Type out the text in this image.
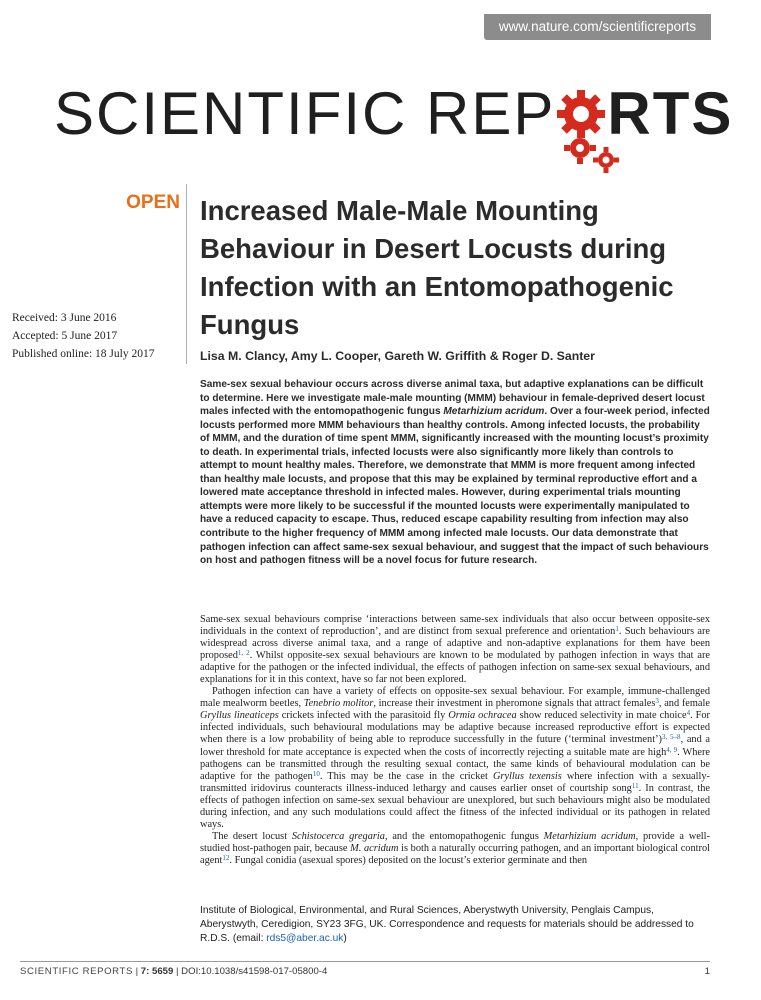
www.nature.com/scientificreports
SCIENTIFIC REP RTS
OPEN Increased Male-Male Mounting Behaviour in Desert Locusts during Infection with an Entomopathogenic Fungus
Received: 3 June 2016
Accepted: 5 June 2017
Published online: 18 July 2017	Lisa M. Clancy, Amy L. Cooper, Gareth W. Griffith & Roger D. Santer
Same-sex sexual behaviour occurs across diverse animal taxa, but adaptive explanations can be difficult to determine. Here we investigate male-male mounting (MMM) behaviour in female-deprived desert locust males infected with the entomopathogenic fungus Metarhizium acridum. Over a four-week period, infected locusts performed more MMM behaviours than healthy controls. Among infected locusts, the probability of MMM, and the duration of time spent MMM, significantly increased with the mounting locust’s proximity to death. In experimental trials, infected locusts were also significantly more likely than controls to attempt to mount healthy males. Therefore, we demonstrate that MMM is more frequent among infected than healthy male locusts, and propose that this may be explained by terminal reproductive effort and a lowered mate acceptance threshold in infected males. However, during experimental trials mounting attempts were more likely to be successful if the mounted locusts were experimentally manipulated to have a reduced capacity to escape. Thus, reduced escape capability resulting from infection may also contribute to the higher frequency of MMM among infected male locusts. Our data demonstrate that pathogen infection can affect same-sex sexual behaviour, and suggest that the impact of such behaviours on host and pathogen fitness will be a novel focus for future research.

Same-sex sexual behaviours comprise ‘interactions between same-sex individuals that also occur between opposite-sex individuals in the context of reproduction’, and are distinct from sexual preference and orientation$^1$. Such behaviours are widespread across diverse animal taxa, and a range of adaptive and non-adaptive explanations for them have been proposed$^{1, 2}$. Whilst opposite-sex sexual behaviours are known to be modulated by pathogen infection in ways that are adaptive for the pathogen or the infected individual, the effects of pathogen infection on same-sex sexual behaviours, and explanations for it in this context, have so far not been explored.

Pathogen infection can have a variety of effects on opposite-sex sexual behaviour. For example, immune-challenged male mealworm beetles, Tenebrio molitor, increase their investment in pheromone signals that attract females$^3$, and female Gryllus lineaticeps crickets infected with the parasitoid fly Ormia ochracea show reduced selectivity in mate choice$^4$. For infected individuals, such behavioural modulations may be adaptive because increased reproductive effort is expected when there is a low probability of being able to reproduce successfully in the future (‘terminal investment’)$^{3, 5-8}$, and a lower threshold for mate acceptance is expected when the costs of incorrectly rejecting a suitable mate are high$^{4, 9}$. Where pathogens can be transmitted through the resulting sexual contact, the same kinds of behavioural modulation can be adaptive for the pathogen$^{10}$. This may be the case in the cricket Gryllus texensis where infection with a sexually-transmitted iridovirus counteracts illness-induced lethargy and causes earlier onset of courtship song$^{11}$. In contrast, the effects of pathogen infection on same-sex sexual behaviour are unexplored, but such behaviours might also be modulated during infection, and any such modulations could affect the fitness of the infected individual or its pathogen in related ways.

The desert locust Schistocerca gregaria, and the entomopathogenic fungus Metarhizium acridum, provide a well-studied host-pathogen pair, because M. acridum is both a naturally occurring pathogen, and an important biological control agent$^{12}$. Fungal conidia (asexual spores) deposited on the locust’s exterior germinate and then

Institute of Biological, Environmental, and Rural Sciences, Aberystwyth University, Penglais Campus, Aberystwyth, Ceredigion, SY23 3FG, UK. Correspondence and requests for materials should be addressed to R.D.S. (email: rds5@aber.ac.uk)
SCIENTIFIC REPORTS | 7: 5659 | DOI:10.1038/s41598-017-05800-4	1
